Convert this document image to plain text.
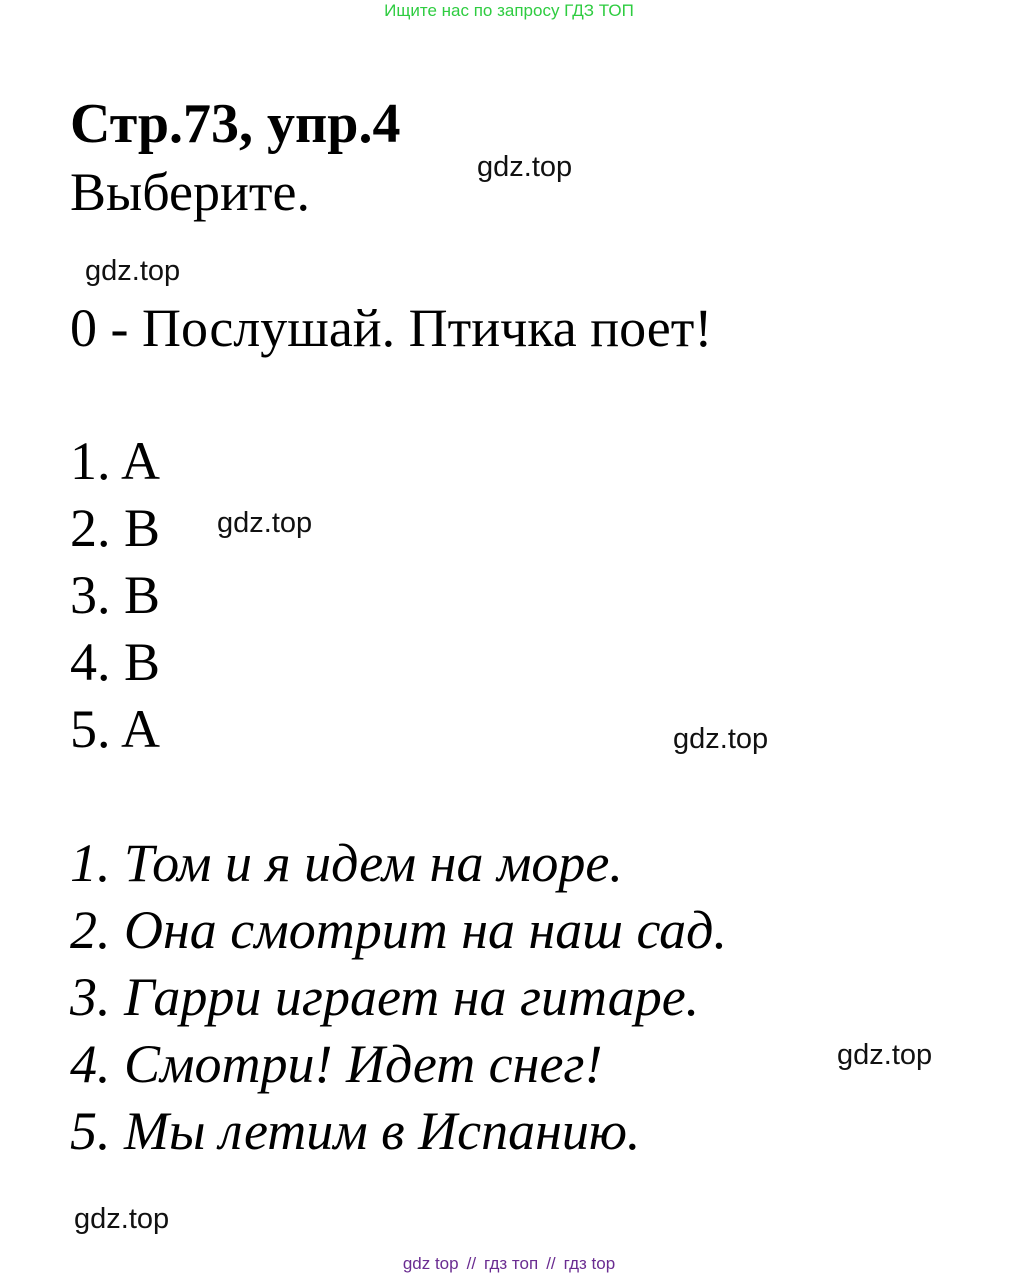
Ищите нас по запросу ГДЗ ТОП
Стр.73, упр.4
Выберите.
0 - Послушай. Птичка поет!
1. A
2. B
3. B
4. B
5. A
1. Том и я идем на море.
2. Она смотрит на наш сад.
3. Гарри играет на гитаре.
4. Смотри! Идет снег!
5. Мы летим в Испанию.
gdz.top
gdz.top
gdz.top
gdz.top
gdz.top
gdz.top
gdz top // гдз топ // гдз top
